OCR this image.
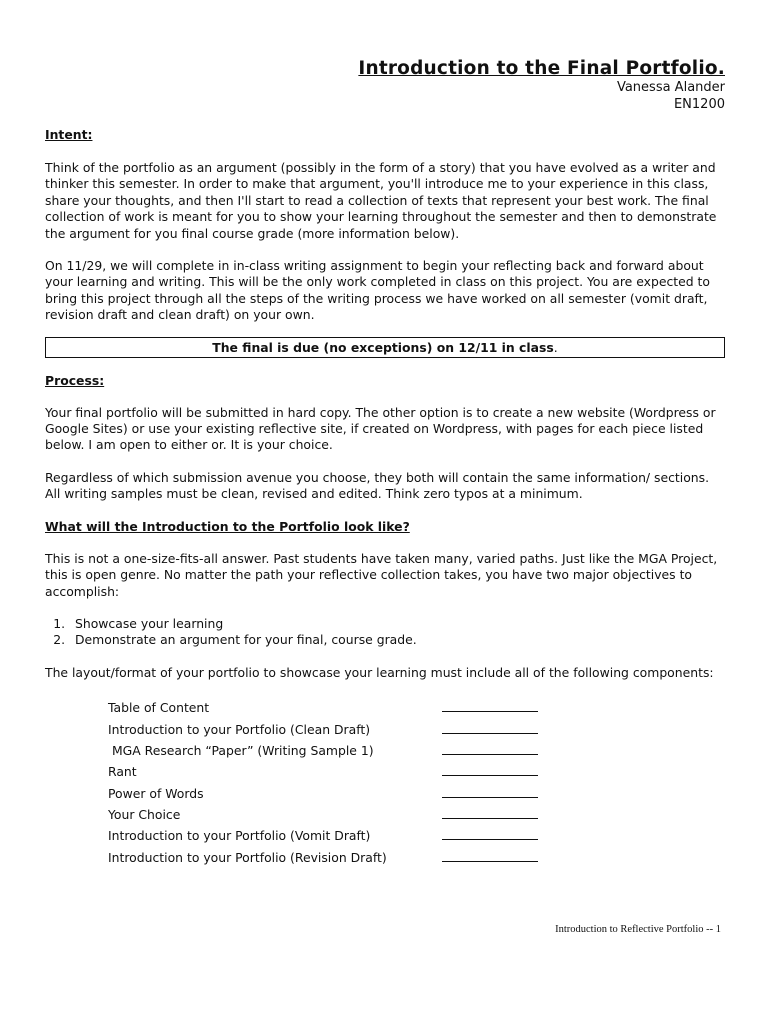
Introduction to the Final Portfolio.
Vanessa Alander
EN1200
Intent:

Think of the portfolio as an argument (possibly in the form of a story) that you have evolved as a writer and thinker this semester. In order to make that argument, you'll introduce me to your experience in this class, share your thoughts, and then I'll start to read a collection of texts that represent your best work. The final collection of work is meant for you to show your learning throughout the semester and then to demonstrate the argument for you final course grade (more information below).

On 11/29, we will complete in in-class writing assignment to begin your reflecting back and forward about your learning and writing. This will be the only work completed in class on this project. You are expected to bring this project through all the steps of the writing process we have worked on all semester (vomit draft, revision draft and clean draft) on your own.

The final is due (no exceptions) on 12/11 in class.
Process:

Your final portfolio will be submitted in hard copy. The other option is to create a new website (Wordpress or Google Sites) or use your existing reflective site, if created on Wordpress, with pages for each piece listed below. I am open to either or. It is your choice.

Regardless of which submission avenue you choose, they both will contain the same information/ sections. All writing samples must be clean, revised and edited. Think zero typos at a minimum.

What will the Introduction to the Portfolio look like?

This is not a one-size-fits-all answer. Past students have taken many, varied paths. Just like the MGA Project, this is open genre. No matter the path your reflective collection takes, you have two major objectives to accomplish:

1. Showcase your learning
2. Demonstrate an argument for your final, course grade.

The layout/format of your portfolio to showcase your learning must include all of the following components:

Table of Content
Introduction to your Portfolio (Clean Draft)
MGA Research “Paper” (Writing Sample 1)
Rant
Power of Words
Your Choice
Introduction to your Portfolio (Vomit Draft)
Introduction to your Portfolio (Revision Draft)
Introduction to Reflective Portfolio -- 1
